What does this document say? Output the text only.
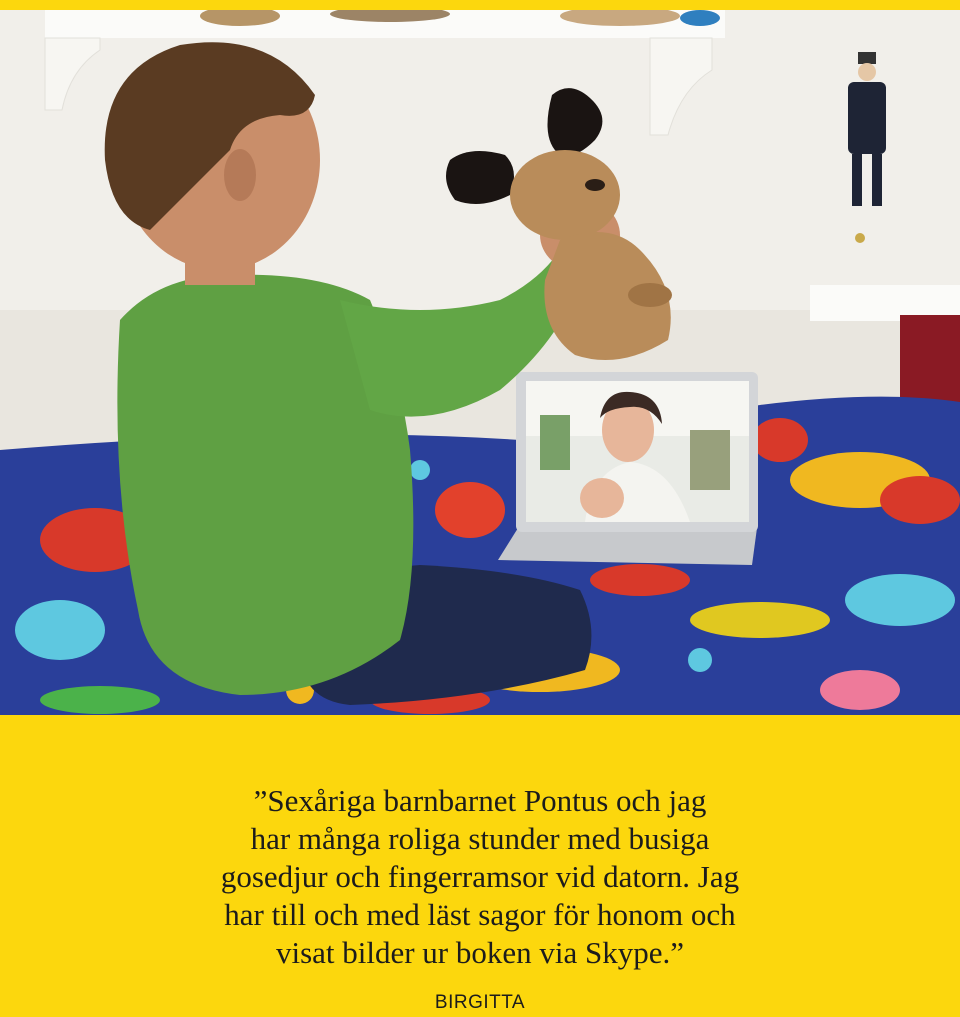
”Sexåriga barnbarnet Pontus och jag
har många roliga stunder med busiga
gosedjur och fingerramsor vid datorn. Jag
har till och med läst sagor för honom och
visat bilder ur boken via Skype.”
BIRGITTA
